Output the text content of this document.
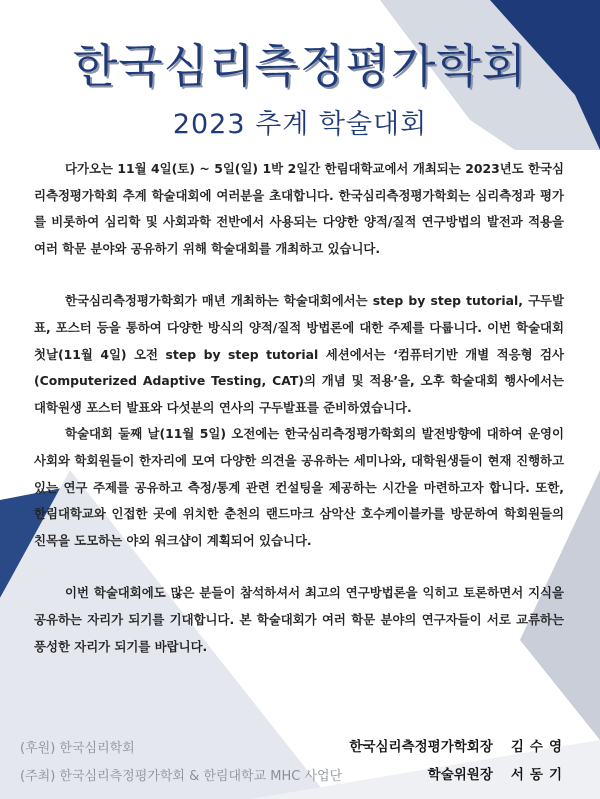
한국심리측정평가학회
2023 추계 학술대회

다가오는 11월 4일(토) ~ 5일(일) 1박 2일간 한림대학교에서 개최되는 2023년도 한국심리측정평가학회 추계 학술대회에 여러분을 초대합니다. 한국심리측정평가학회는 심리측정과 평가를 비롯하여 심리학 및 사회과학 전반에서 사용되는 다양한 양적/질적 연구방법의 발전과 적용을 여러 학문 분야와 공유하기 위해 학술대회를 개최하고 있습니다.

한국심리측정평가학회가 매년 개최하는 학술대회에서는 step by step tutorial, 구두발표, 포스터 등을 통하여 다양한 방식의 양적/질적 방법론에 대한 주제를 다룹니다. 이번 학술대회 첫날(11월 4일) 오전 step by step tutorial 세션에서는 ‘컴퓨터기반 개별 적응형 검사(Computerized Adaptive Testing, CAT)의 개념 및 적용’을, 오후 학술대회 행사에서는 대학원생 포스터 발표와 다섯분의 연사의 구두발표를 준비하였습니다.

학술대회 둘째 날(11월 5일) 오전에는 한국심리측정평가학회의 발전방향에 대하여 운영이사회와 학회원들이 한자리에 모여 다양한 의견을 공유하는 세미나와, 대학원생들이 현재 진행하고 있는 연구 주제를 공유하고 측정/통계 관련 컨설팅을 제공하는 시간을 마련하고자 합니다. 또한, 한림대학교와 인접한 곳에 위치한 춘천의 랜드마크 삼악산 호수케이블카를 방문하여 학회원들의 친목을 도모하는 야외 워크샵이 계획되어 있습니다.

이번 학술대회에도 많은 분들이 참석하셔서 최고의 연구방법론을 익히고 토론하면서 지식을 공유하는 자리가 되기를 기대합니다. 본 학술대회가 여러 학문 분야의 연구자들이 서로 교류하는 풍성한 자리가 되기를 바랍니다.

(후원) 한국심리학회
(주최) 한국심리측정평가학회 & 한림대학교 MHC 사업단
한국심리측정평가학회장 김수영
학술위원장 서동기
